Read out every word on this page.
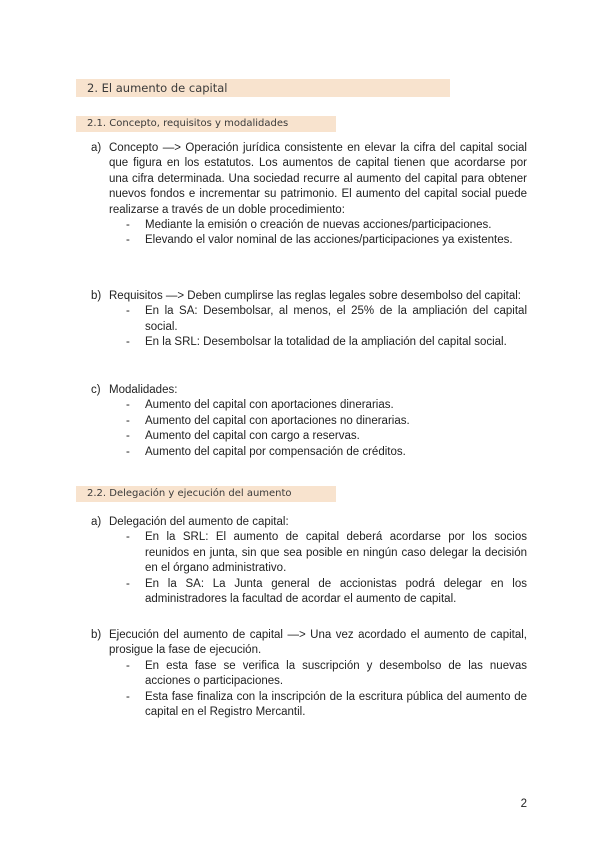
2. El aumento de capital
2.1. Concepto, requisitos y modalidades
a) Concepto —> Operación jurídica consistente en elevar la cifra del capital social que figura en los estatutos. Los aumentos de capital tienen que acordarse por una cifra determinada. Una sociedad recurre al aumento del capital para obtener nuevos fondos e incrementar su patrimonio. El aumento del capital social puede realizarse a través de un doble procedimiento:
- Mediante la emisión o creación de nuevas acciones/participaciones.
- Elevando el valor nominal de las acciones/participaciones ya existentes.
b) Requisitos —> Deben cumplirse las reglas legales sobre desembolso del capital:
- En la SA: Desembolsar, al menos, el 25% de la ampliación del capital social.
- En la SRL: Desembolsar la totalidad de la ampliación del capital social.
c) Modalidades:
- Aumento del capital con aportaciones dinerarias.
- Aumento del capital con aportaciones no dinerarias.
- Aumento del capital con cargo a reservas.
- Aumento del capital por compensación de créditos.
2.2. Delegación y ejecución del aumento
a) Delegación del aumento de capital:
- En la SRL: El aumento de capital deberá acordarse por los socios reunidos en junta, sin que sea posible en ningún caso delegar la decisión en el órgano administrativo.
- En la SA: La Junta general de accionistas podrá delegar en los administradores la facultad de acordar el aumento de capital.
b) Ejecución del aumento de capital —> Una vez acordado el aumento de capital, prosigue la fase de ejecución.
- En esta fase se verifica la suscripción y desembolso de las nuevas acciones o participaciones.
- Esta fase finaliza con la inscripción de la escritura pública del aumento de capital en el Registro Mercantil.
2
